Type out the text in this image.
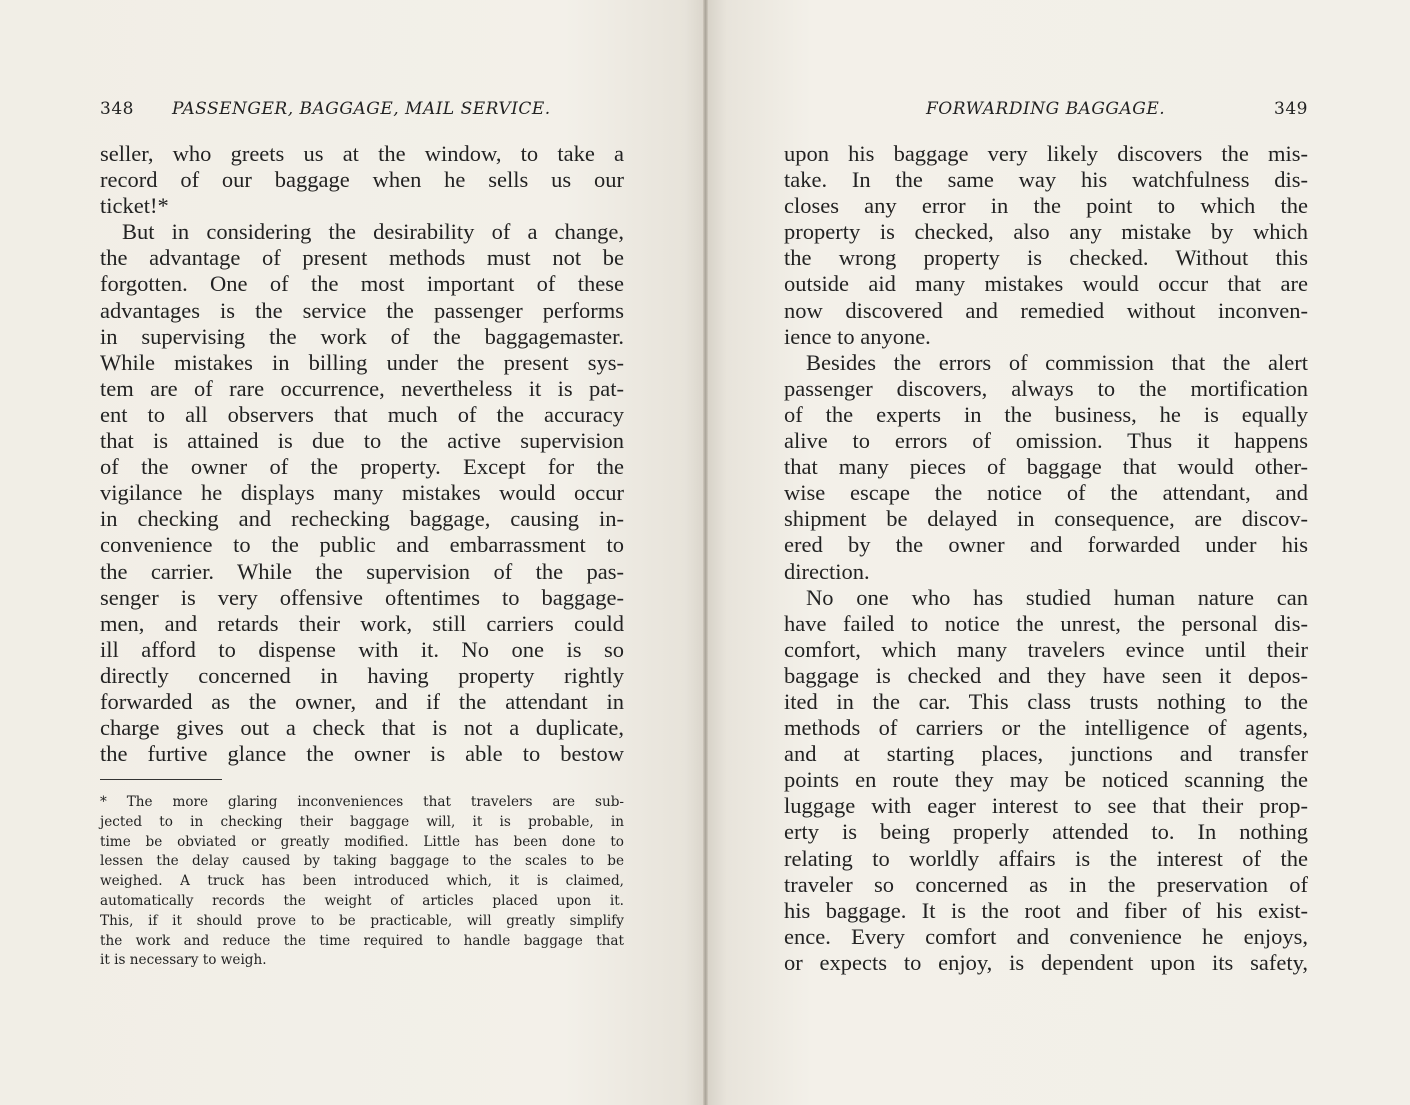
348 PASSENGER, BAGGAGE, MAIL SERVICE.
seller, who greets us at the window, to take a
record of our baggage when he sells us our
ticket!*
But in considering the desirability of a change,
the advantage of present methods must not be
forgotten. One of the most important of these
advantages is the service the passenger performs
in supervising the work of the baggagemaster.
While mistakes in billing under the present sys-
tem are of rare occurrence, nevertheless it is pat-
ent to all observers that much of the accuracy
that is attained is due to the active supervision
of the owner of the property. Except for the
vigilance he displays many mistakes would occur
in checking and rechecking baggage, causing in-
convenience to the public and embarrassment to
the carrier. While the supervision of the pas-
senger is very offensive oftentimes to baggage-
men, and retards their work, still carriers could
ill afford to dispense with it. No one is so
directly concerned in having property rightly
forwarded as the owner, and if the attendant in
charge gives out a check that is not a duplicate,
the furtive glance the owner is able to bestow
* The more glaring inconveniences that travelers are sub-
jected to in checking their baggage will, it is probable, in
time be obviated or greatly modified. Little has been done to
lessen the delay caused by taking baggage to the scales to be
weighed. A truck has been introduced which, it is claimed,
automatically records the weight of articles placed upon it.
This, if it should prove to be practicable, will greatly simplify
the work and reduce the time required to handle baggage that
it is necessary to weigh.
FORWARDING BAGGAGE.	349
upon his baggage very likely discovers the mis-
take. In the same way his watchfulness dis-
closes any error in the point to which the
property is checked, also any mistake by which
the wrong property is checked. Without this
outside aid many mistakes would occur that are
now discovered and remedied without inconven-
ience to anyone.
Besides the errors of commission that the alert
passenger discovers, always to the mortification
of the experts in the business, he is equally
alive to errors of omission. Thus it happens
that many pieces of baggage that would other-
wise escape the notice of the attendant, and
shipment be delayed in consequence, are discov-
ered by the owner and forwarded under his
direction.
No one who has studied human nature can
have failed to notice the unrest, the personal dis-
comfort, which many travelers evince until their
baggage is checked and they have seen it depos-
ited in the car. This class trusts nothing to the
methods of carriers or the intelligence of agents,
and at starting places, junctions and transfer
points en route they may be noticed scanning the
luggage with eager interest to see that their prop-
erty is being properly attended to. In nothing
relating to worldly affairs is the interest of the
traveler so concerned as in the preservation of
his baggage. It is the root and fiber of his exist-
ence. Every comfort and convenience he enjoys,
or expects to enjoy, is dependent upon its safety,
